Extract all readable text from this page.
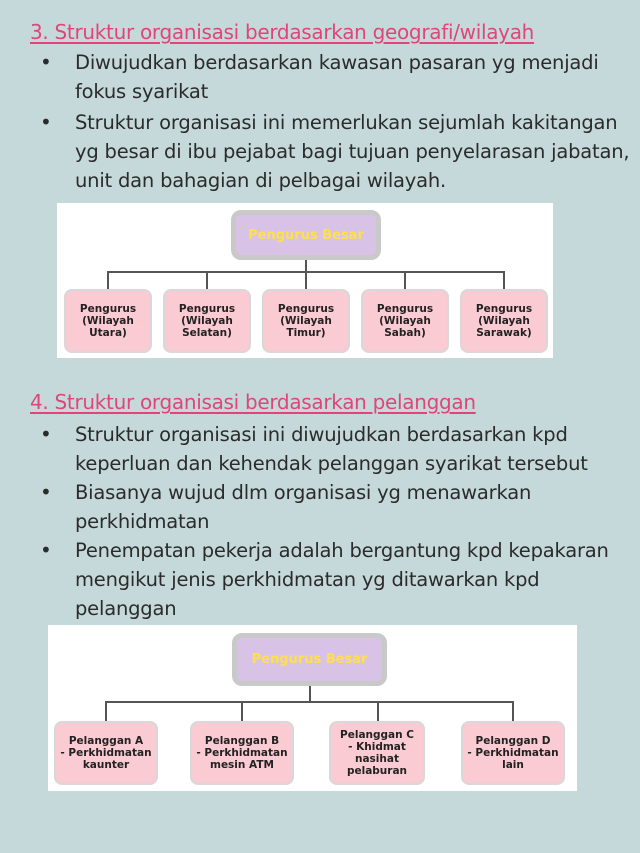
3. Struktur organisasi berdasarkan geografi/wilayah
• Diwujudkan berdasarkan kawasan pasaran yg menjadi fokus syarikat
• Struktur organisasi ini memerlukan sejumlah kakitangan yg besar di ibu pejabat bagi tujuan penyelarasan jabatan, unit dan bahagian di pelbagai wilayah.
Pengurus Besar
Pengurus
(Wilayah
Utara)
Pengurus
(Wilayah
Selatan)
Pengurus
(Wilayah
Timur)
Pengurus
(Wilayah
Sabah)
Pengurus
(Wilayah
Sarawak)
4. Struktur organisasi berdasarkan pelanggan
• Struktur organisasi ini diwujudkan berdasarkan kpd keperluan dan kehendak pelanggan syarikat tersebut
• Biasanya wujud dlm organisasi yg menawarkan perkhidmatan
• Penempatan pekerja adalah bergantung kpd kepakaran mengikut jenis perkhidmatan yg ditawarkan kpd pelanggan
Pengurus Besar
Pelanggan A
- Perkhidmatan
kaunter
Pelanggan B
- Perkhidmatan
mesin ATM
Pelanggan C
- Khidmat
nasihat
pelaburan
Pelanggan D
- Perkhidmatan
lain
